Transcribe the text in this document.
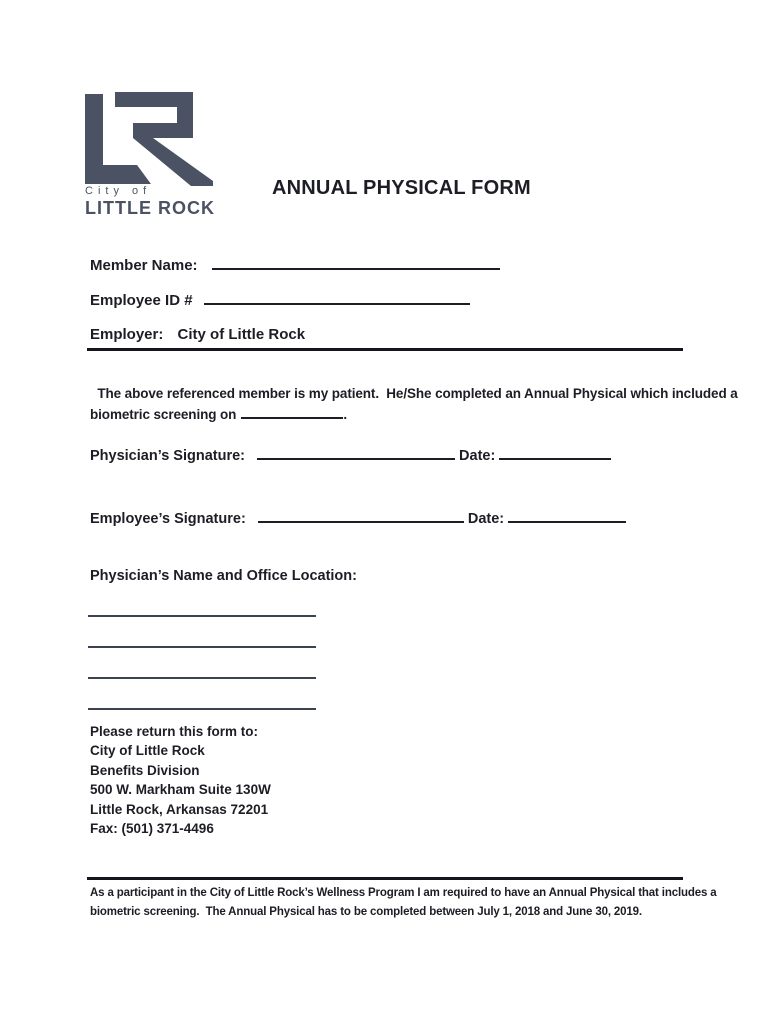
City of
LITTLE ROCK
ANNUAL PHYSICAL FORM
Member Name:
Employee ID #
Employer: City of Little Rock

The above referenced member is my patient.  He/She completed an Annual Physical which included a biometric screening on	.

Physician’s Signature:	Date:
Employee’s Signature:	Date:
Physician’s Name and Office Location:
Please return this form to:
City of Little Rock
Benefits Division
500 W. Markham Suite 130W
Little Rock, Arkansas 72201
Fax: (501) 371-4496
As a participant in the City of Little Rock’s Wellness Program I am required to have an Annual Physical that includes a biometric screening.  The Annual Physical has to be completed between July 1, 2018 and June 30, 2019.
